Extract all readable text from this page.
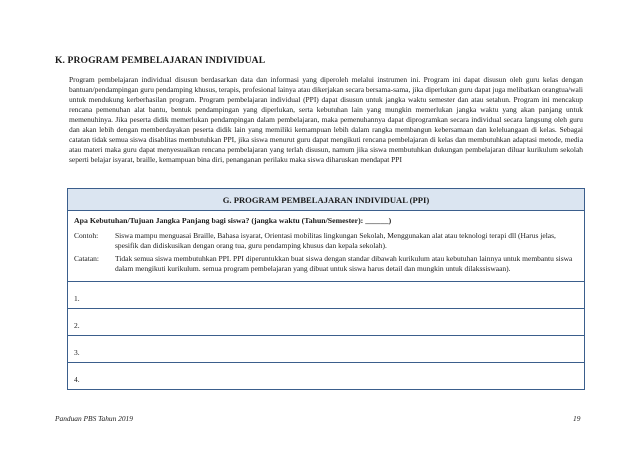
K. PROGRAM PEMBELAJARAN INDIVIDUAL

Program pembelajaran individual disusun berdasarkan data dan informasi yang diperoleh melalui instrumen ini. Program ini dapat disusun oleh guru kelas dengan bantuan/pendampingan guru pendamping khusus, terapis, profesional lainya atau dikerjakan secara bersama-sama, jika diperlukan guru dapat juga melibatkan orangtua/wali untuk mendukung kerberhasilan program. Program pembelajaran individual (PPI) dapat disusun untuk jangka waktu semester dan atau setahun. Program ini mencakup rencana pemenuhan alat bantu, bentuk pendampingan yang diperlukan, serta kebutuhan lain yang mungkin memerlukan jangka waktu yang akan panjang untuk memenuhinya. Jika peserta didik memerlukan pendampingan dalam pembelajaran, maka pemenuhannya dapat diprogramkan secara individual secara langsung oleh guru dan akan lebih dengan memberdayakan peserta didik lain yang memiliki kemampuan lebih dalam rangka membangun kebersamaan dan keleluangaan di kelas. Sebagai catatan tidak semua siswa disablitas membutuhkan PPI, jika siswa menurut guru dapat mengikuti rencana pembelajaran di kelas dan membutuhkan adaptasi metode, media atau materi maka guru dapat menyesuaikan rencana pembelajaran yang terlah disusun, namum jika siswa membutuhkan dukungan pembelajaran diluar kurikulum sekolah seperti belajar isyarat, braille, kemampuan bina diri, penanganan perilaku maka siswa diharuskan mendapat PPI

G. PROGRAM PEMBELAJARAN INDIVIDUAL (PPI)

Apa Kebutuhan/Tujuan Jangka Panjang bagi siswa? (jangka waktu (Tahun/Semester): ______)
Contoh:	Siswa mampu menguasai Braille, Bahasa isyarat, Orientasi mobilitas lingkungan Sekolah, Menggunakan alat atau teknologi terapi dll (Harus jelas, spesifik dan didiskusikan dengan orang tua, guru pendamping khusus dan kepala sekolah).
Catatan:	Tidak semua siswa membutuhkan PPI. PPI diperuntukkan buat siswa dengan standar dibawah kurikulum atau kebutuhan lainnya untuk membantu siswa dalam mengikuti kurikulum. semua program pembelajaran yang dibuat untuk siswa harus detail dan mungkin untuk dilakssiswaan).

1.
2.
3.
4.
Panduan PBS Tahun 2019	19
